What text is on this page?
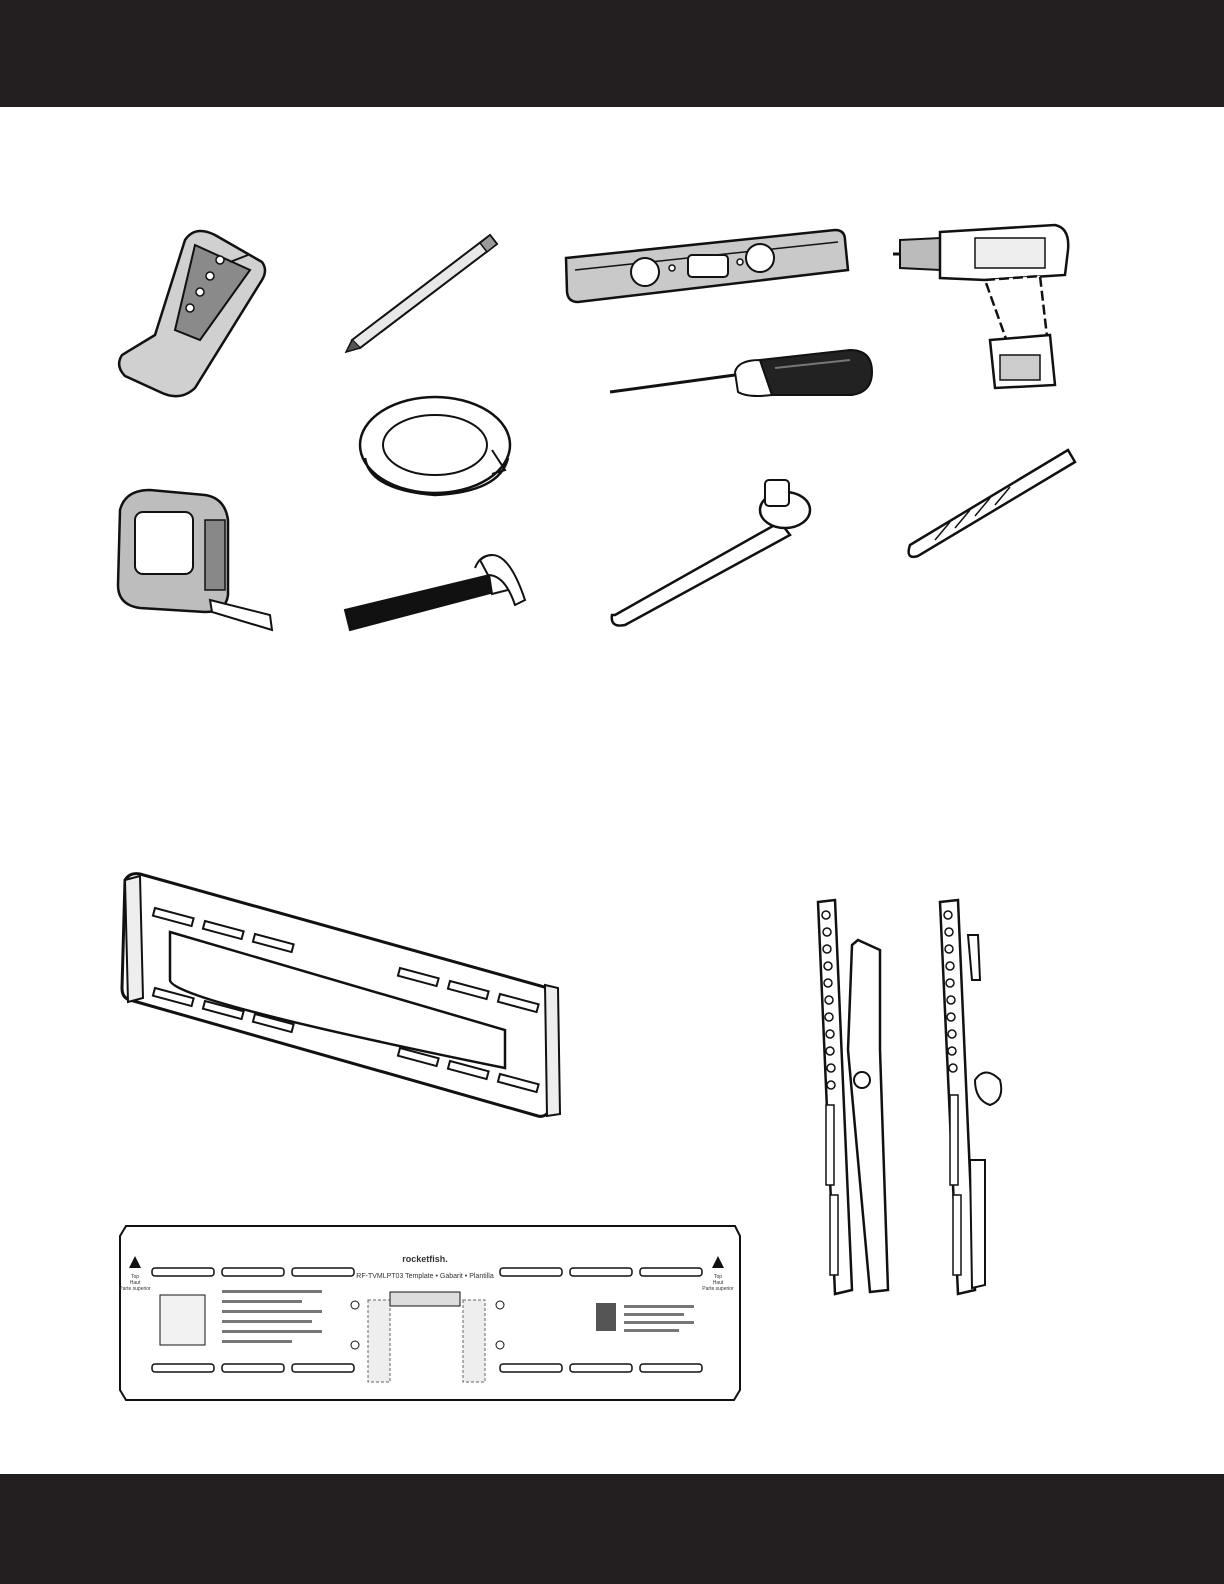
rocketfish.
RF-TVMLPT03 Template • Gabarit • Plantilla
Top
Haut
Parte superior
Top
Haut
Parte superior
